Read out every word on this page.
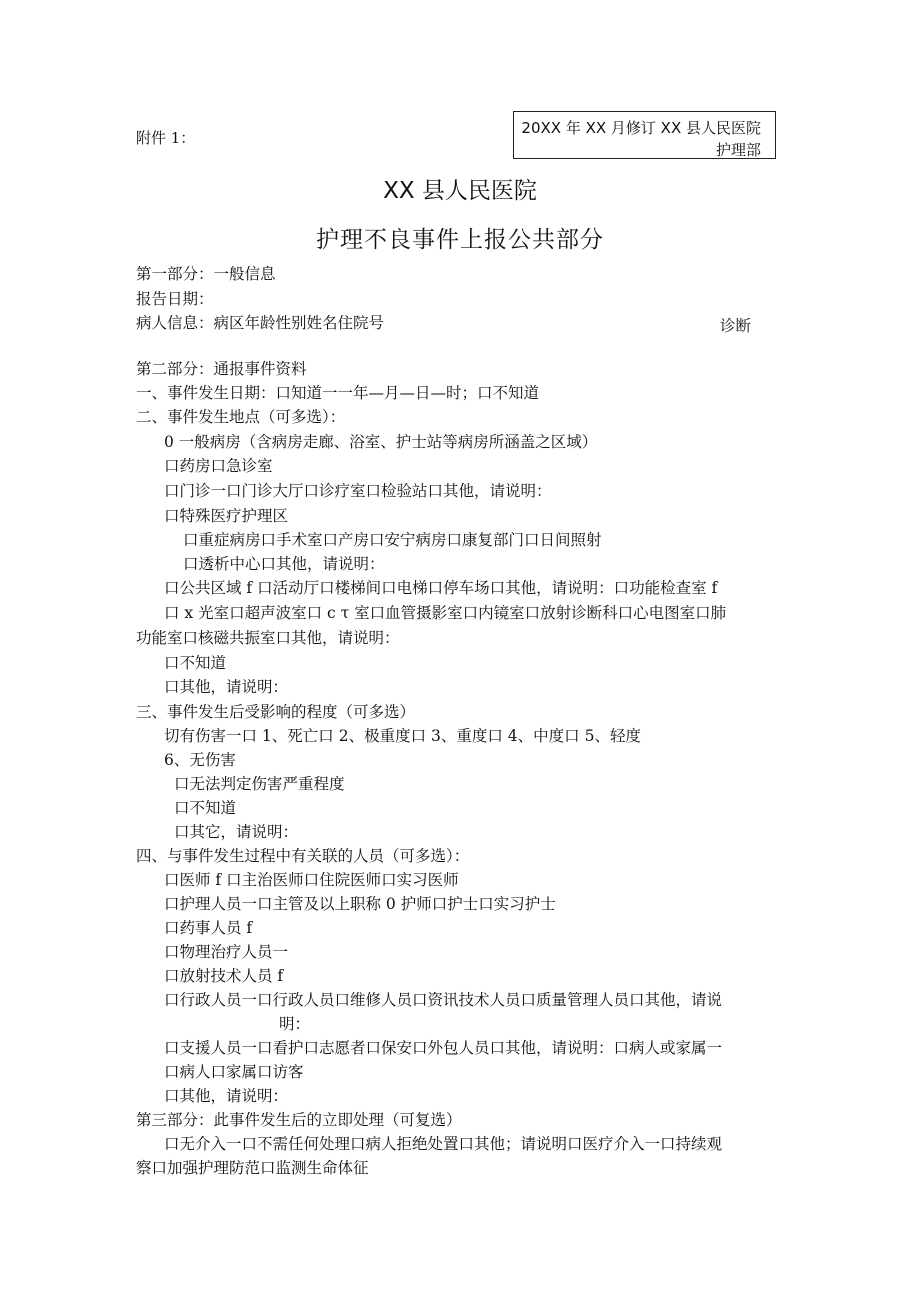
附件 1：
20XX 年 XX 月修订 XX 县人民医院
护理部
XX 县人民医院
护理不良事件上报公共部分
第一部分：一般信息
报告日期：
病人信息：病区年龄性别姓名住院号	诊断
第二部分：通报事件资料
一、事件发生日期：口知道一一年—月—日—时；口不知道
二、事件发生地点（可多选）：
0 一般病房（含病房走廊、浴室、护士站等病房所涵盖之区域）
口药房口急诊室
口门诊一口门诊大厅口诊疗室口检验站口其他，请说明：
口特殊医疗护理区
口重症病房口手术室口产房口安宁病房口康复部门口日间照射
口透析中心口其他，请说明：
口公共区域 f 口活动厅口楼梯间口电梯口停车场口其他，请说明：口功能检查室 f
口 x 光室口超声波室口 c τ 室口血管摄影室口内镜室口放射诊断科口心电图室口肺
功能室口核磁共振室口其他，请说明：
口不知道
口其他，请说明：
三、事件发生后受影响的程度（可多选）
切有伤害一口 1、死亡口 2、极重度口 3、重度口 4、中度口 5、轻度
6、无伤害
口无法判定伤害严重程度
口不知道
口其它，请说明：
四、与事件发生过程中有关联的人员（可多选）：
口医师 f 口主治医师口住院医师口实习医师
口护理人员一口主管及以上职称 0 护师口护士口实习护士
口药事人员 f
口物理治疗人员一
口放射技术人员 f
口行政人员一口行政人员口维修人员口资讯技术人员口质量管理人员口其他，请说
明：
口支援人员一口看护口志愿者口保安口外包人员口其他，请说明：口病人或家属一
口病人口家属口访客
口其他，请说明：
第三部分：此事件发生后的立即处理（可复选）
口无介入一口不需任何处理口病人拒绝处置口其他；请说明口医疗介入一口持续观
察口加强护理防范口监测生命体征
